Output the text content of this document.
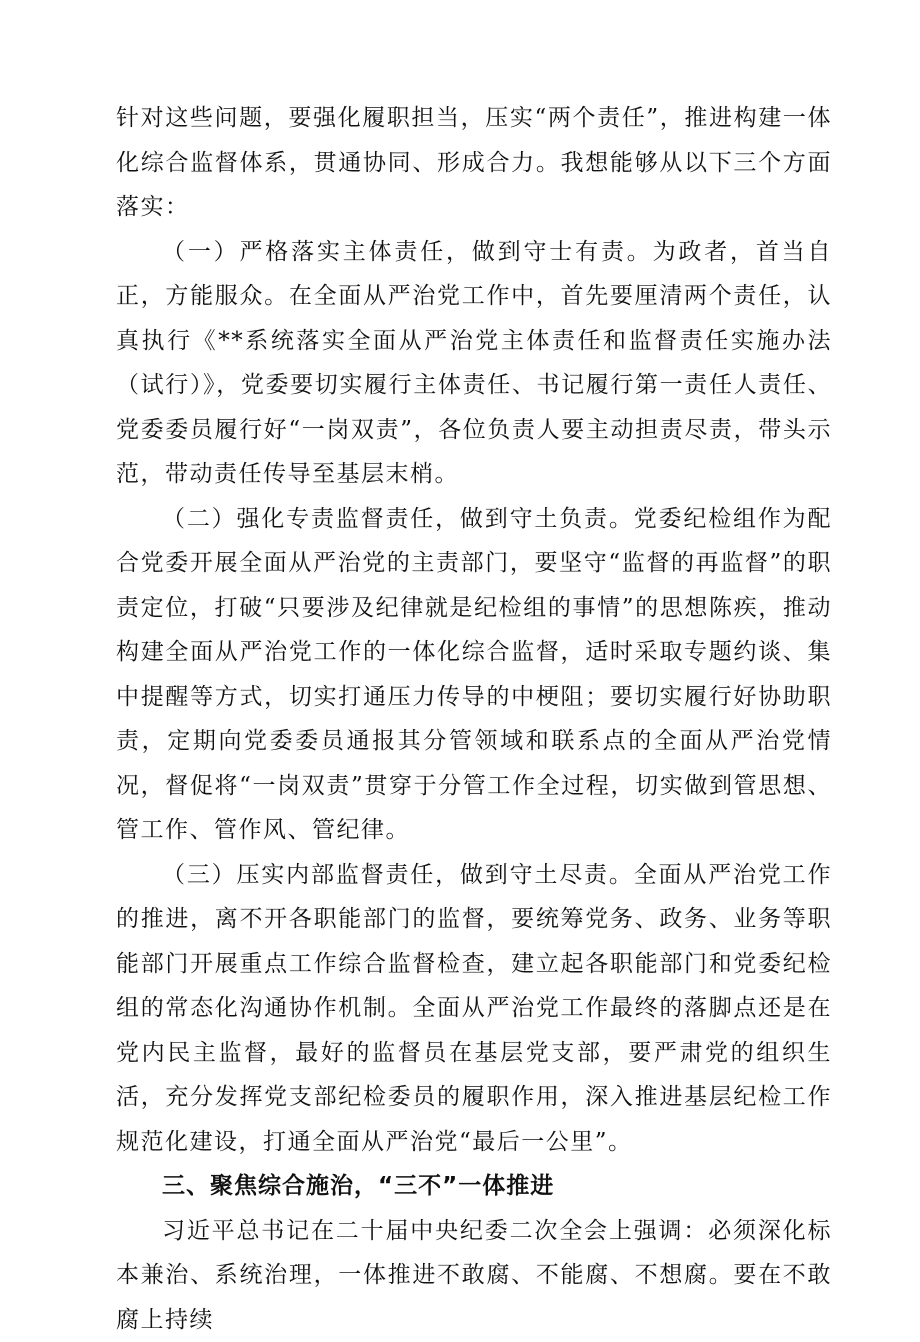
针对这些问题，要强化履职担当，压实“两个责任”，推进构建一体化综合监督体系，贯通协同、形成合力。我想能够从以下三个方面落实：

（一）严格落实主体责任，做到守士有责。为政者，首当自正，方能服众。在全面从严治党工作中，首先要厘清两个责任，认真执行《**系统落实全面从严治党主体责任和监督责任实施办法（试行）》，党委要切实履行主体责任、书记履行第一责任人责任、党委委员履行好“一岗双责”，各位负责人要主动担责尽责，带头示范，带动责任传导至基层末梢。

（二）强化专责监督责任，做到守土负责。党委纪检组作为配合党委开展全面从严治党的主责部门，要坚守“监督的再监督”的职责定位，打破“只要涉及纪律就是纪检组的事情”的思想陈疾，推动构建全面从严治党工作的一体化综合监督，适时采取专题约谈、集中提醒等方式，切实打通压力传导的中梗阻；要切实履行好协助职责，定期向党委委员通报其分管领域和联系点的全面从严治党情况，督促将“一岗双责”贯穿于分管工作全过程，切实做到管思想、管工作、管作风、管纪律。

（三）压实内部监督责任，做到守土尽责。全面从严治党工作的推进，离不开各职能部门的监督，要统筹党务、政务、业务等职能部门开展重点工作综合监督检查，建立起各职能部门和党委纪检组的常态化沟通协作机制。全面从严治党工作最终的落脚点还是在党内民主监督，最好的监督员在基层党支部，要严肃党的组织生活，充分发挥党支部纪检委员的履职作用，深入推进基层纪检工作规范化建设，打通全面从严治党“最后一公里”。

三、聚焦综合施治，“三不”一体推进

习近平总书记在二十届中央纪委二次全会上强调：必须深化标本兼治、系统治理，一体推进不敢腐、不能腐、不想腐。要在不敢腐上持续
